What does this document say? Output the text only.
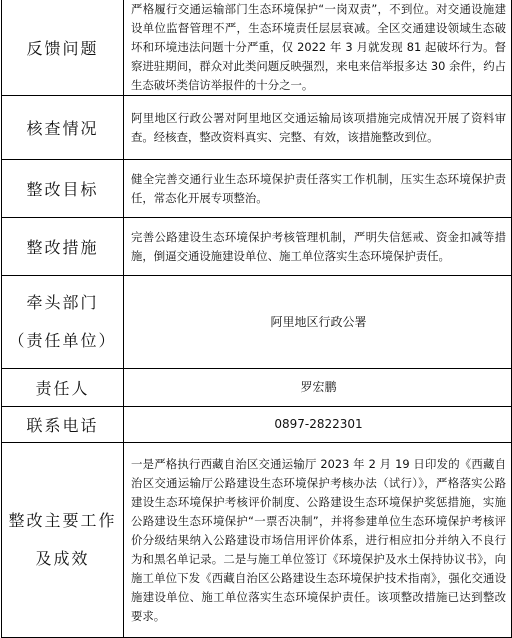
反馈问题	严格履行交通运输部门生态环境保护“一岗双责”，不到位。对交通设施建设单位监督管理不严，生态环境责任层层衰减。全区交通建设领域生态破坏和环境违法问题十分严重，仅 2022 年 3 月就发现 81 起破坏行为。督察进驻期间，群众对此类问题反映强烈，来电来信举报多达 30 余件，约占生态破坏类信访举报件的十分之一。
核查情况	阿里地区行政公署对阿里地区交通运输局该项措施完成情况开展了资料审查。经核查，整改资料真实、完整、有效，该措施整改到位。
整改目标	健全完善交通行业生态环境保护责任落实工作机制，压实生态环境保护责任，常态化开展专项整治。
整改措施	完善公路建设生态环境保护考核管理机制，严明失信惩戒、资金扣减等措施，倒逼交通设施建设单位、施工单位落实生态环境保护责任。

牵头部门
（责任单位）	阿里地区行政公署
责任人	罗宏鹏
联系电话	0897-2822301

整改主要工作
及成效	一是严格执行西藏自治区交通运输厅 2023 年 2 月 19 日印发的《西藏自治区交通运输厅公路建设生态环境保护考核办法（试行）》，严格落实公路建设生态环境保护考核评价制度、公路建设生态环境保护奖惩措施，实施公路建设生态环境保护“一票否决制”，并将参建单位生态环境保护考核评价分级结果纳入公路建设市场信用评价体系，进行相应扣分并纳入不良行为和黑名单记录。二是与施工单位签订《环境保护及水土保持协议书》，向施工单位下发《西藏自治区公路建设生态环境保护技术指南》，强化交通设施建设单位、施工单位落实生态环境保护责任。该项整改措施已达到整改要求。
